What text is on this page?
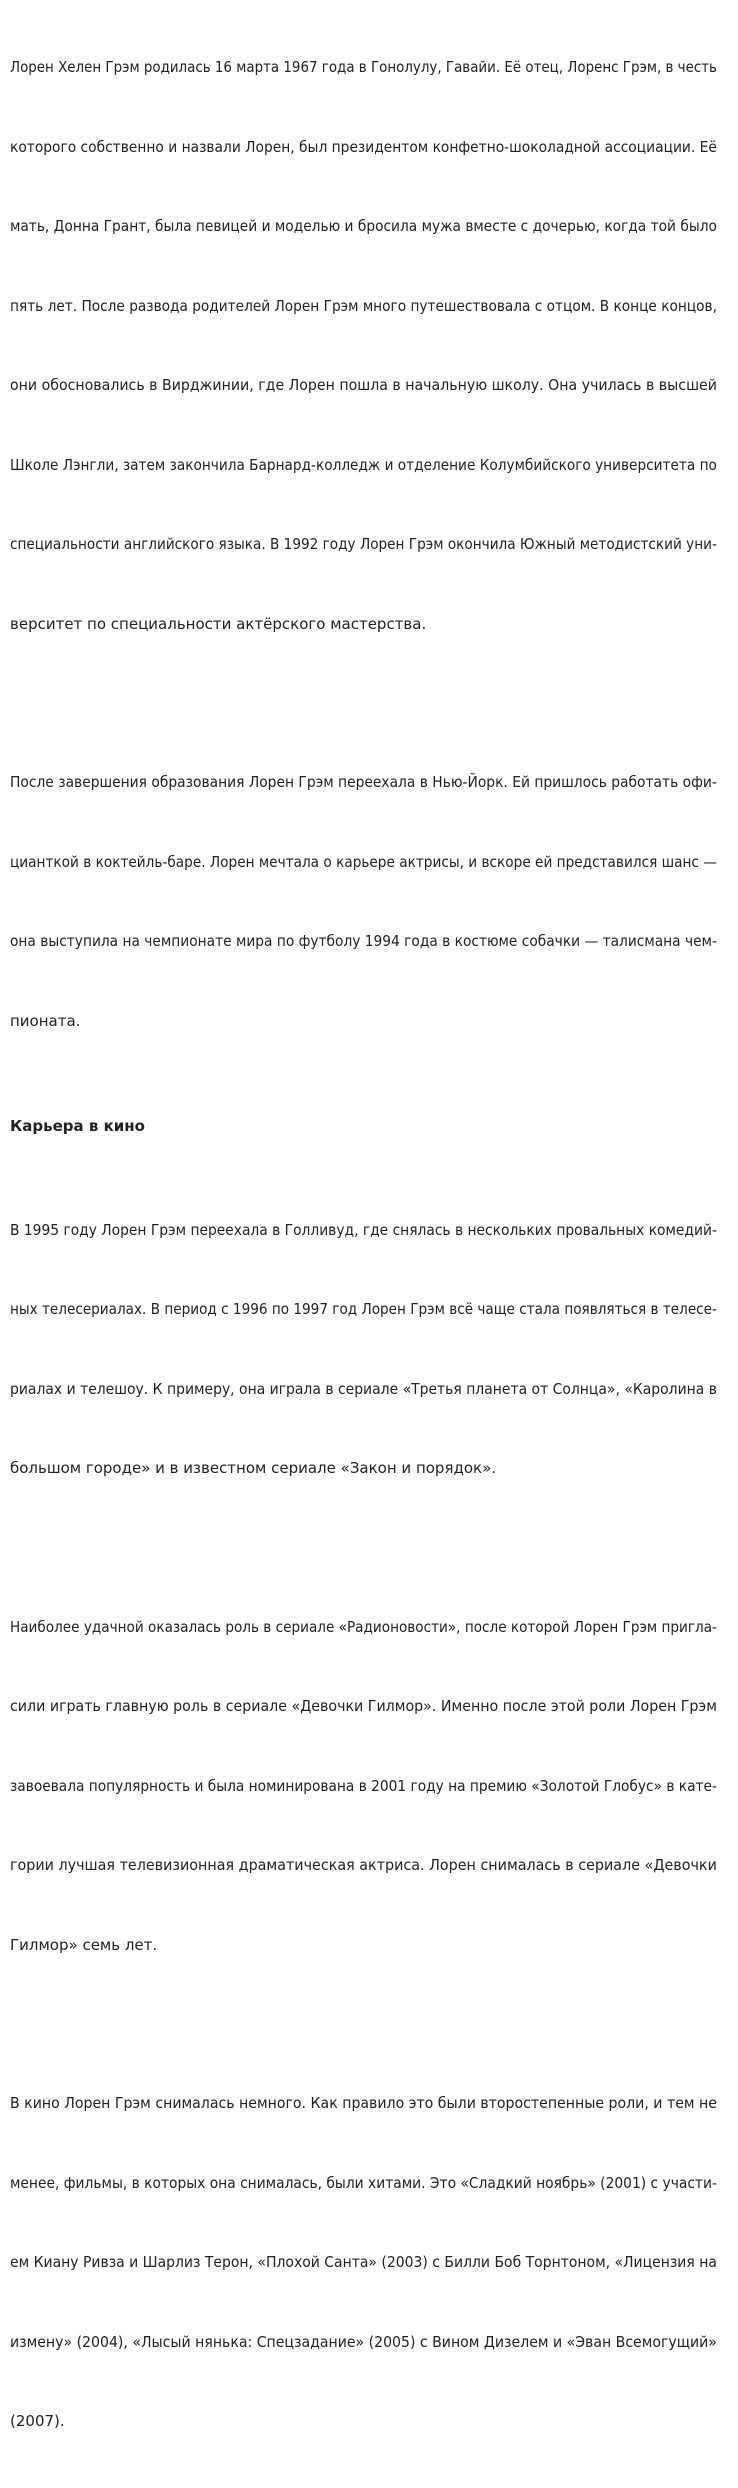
Лорен Хелен Грэм родилась 16 марта 1967 года в Гонолулу, Гавайи. Её отец, Лоренс Грэм, в честь

которого собственно и назвали Лорен, был президентом конфетно-шоколадной ассоциации. Её

мать, Донна Грант, была певицей и моделью и бросила мужа вместе с дочерью, когда той было

пять лет. После развода родителей Лорен Грэм много путешествовала с отцом. В конце концов,

они обосновались в Вирджинии, где Лорен пошла в начальную школу. Она училась в высшей

Школе Лэнгли, затем закончила Барнард-колледж и отделение Колумбийского университета по

специальности английского языка. В 1992 году Лорен Грэм окончила Южный методистский уни-

верситет по специальности актёрского мастерства.

После завершения образования Лорен Грэм переехала в Нью-Йорк. Ей пришлось работать офи-

цианткой в коктейль-баре. Лорен мечтала о карьере актрисы, и вскоре ей представился шанс —

она выступила на чемпионате мира по футболу 1994 года в костюме собачки — талисмана чем-

пионата.

Карьера в кино

В 1995 году Лорен Грэм переехала в Голливуд, где снялась в нескольких провальных комедий-

ных телесериалах. В период с 1996 по 1997 год Лорен Грэм всё чаще стала появляться в телесе-

риалах и телешоу. К примеру, она играла в сериале «Третья планета от Солнца», «Каролина в

большом городе» и в известном сериале «Закон и порядок».

Наиболее удачной оказалась роль в сериале «Радионовости», после которой Лорен Грэм пригла-

сили играть главную роль в сериале «Девочки Гилмор». Именно после этой роли Лорен Грэм

завоевала популярность и была номинирована в 2001 году на премию «Золотой Глобус» в кате-

гории лучшая телевизионная драматическая актриса. Лорен снималась в сериале «Девочки

Гилмор» семь лет.

В кино Лорен Грэм снималась немного. Как правило это были второстепенные роли, и тем не

менее, фильмы, в которых она снималась, были хитами. Это «Сладкий ноябрь» (2001) с участи-

ем Киану Ривза и Шарлиз Терон, «Плохой Санта» (2003) с Билли Боб Торнтоном, «Лицензия на

измену» (2004), «Лысый нянька: Спецзадание» (2005) с Вином Дизелем и «Эван Всемогущий»

(2007).
